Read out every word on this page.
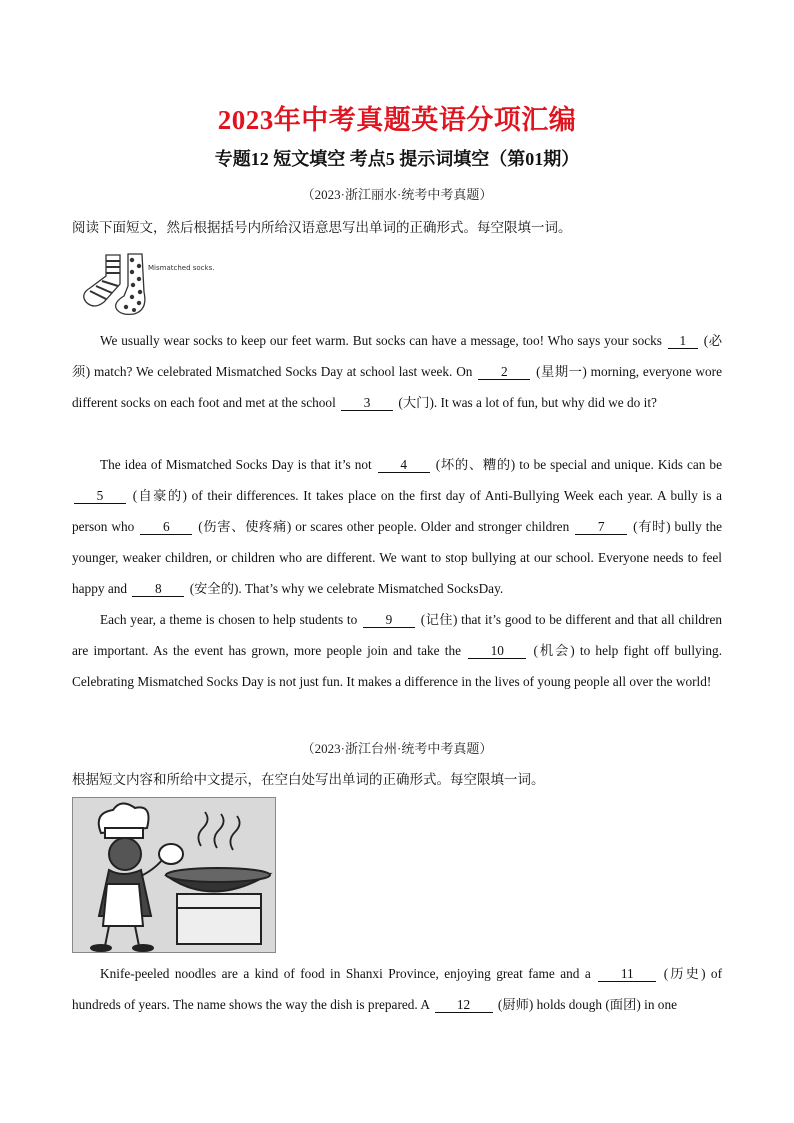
2023年中考真题英语分项汇编
专题12 短文填空 考点5 提示词填空（第01期）
（2023·浙江丽水·统考中考真题）
阅读下面短文，然后根据括号内所给汉语意思写出单词的正确形式。每空限填一词。
Mismatched socks.
We usually wear socks to keep our feet warm. But socks can have a message, too! Who says your socks 1 (必须) match? We celebrated Mismatched Socks Day at school last week. On 2 (星期一) morning, everyone wore different socks on each foot and met at the school 3 (大门). It was a lot of fun, but why did we do it?
The idea of Mismatched Socks Day is that it’s not 4 (坏的、糟的) to be special and unique. Kids can be 5 (自豪的) of their differences. It takes place on the first day of Anti-Bullying Week each year. A bully is a person who 6 (伤害、使疼痛) or scares other people. Older and stronger children 7 (有时) bully the younger, weaker children, or children who are different. We want to stop bullying at our school. Everyone needs to feel happy and 8 (安全的). That’s why we celebrate Mismatched SocksDay.
Each year, a theme is chosen to help students to 9 (记住) that it’s good to be different and that all children are important. As the event has grown, more people join and take the 10 (机会) to help fight off bullying. Celebrating Mismatched Socks Day is not just fun. It makes a difference in the lives of young people all over the world!
（2023·浙江台州·统考中考真题）
根据短文内容和所给中文提示，在空白处写出单词的正确形式。每空限填一词。
Knife-peeled noodles are a kind of food in Shanxi Province, enjoying great fame and a 11 (历史) of hundreds of years. The name shows the way the dish is prepared. A 12 (厨师) holds dough (面团) in one
